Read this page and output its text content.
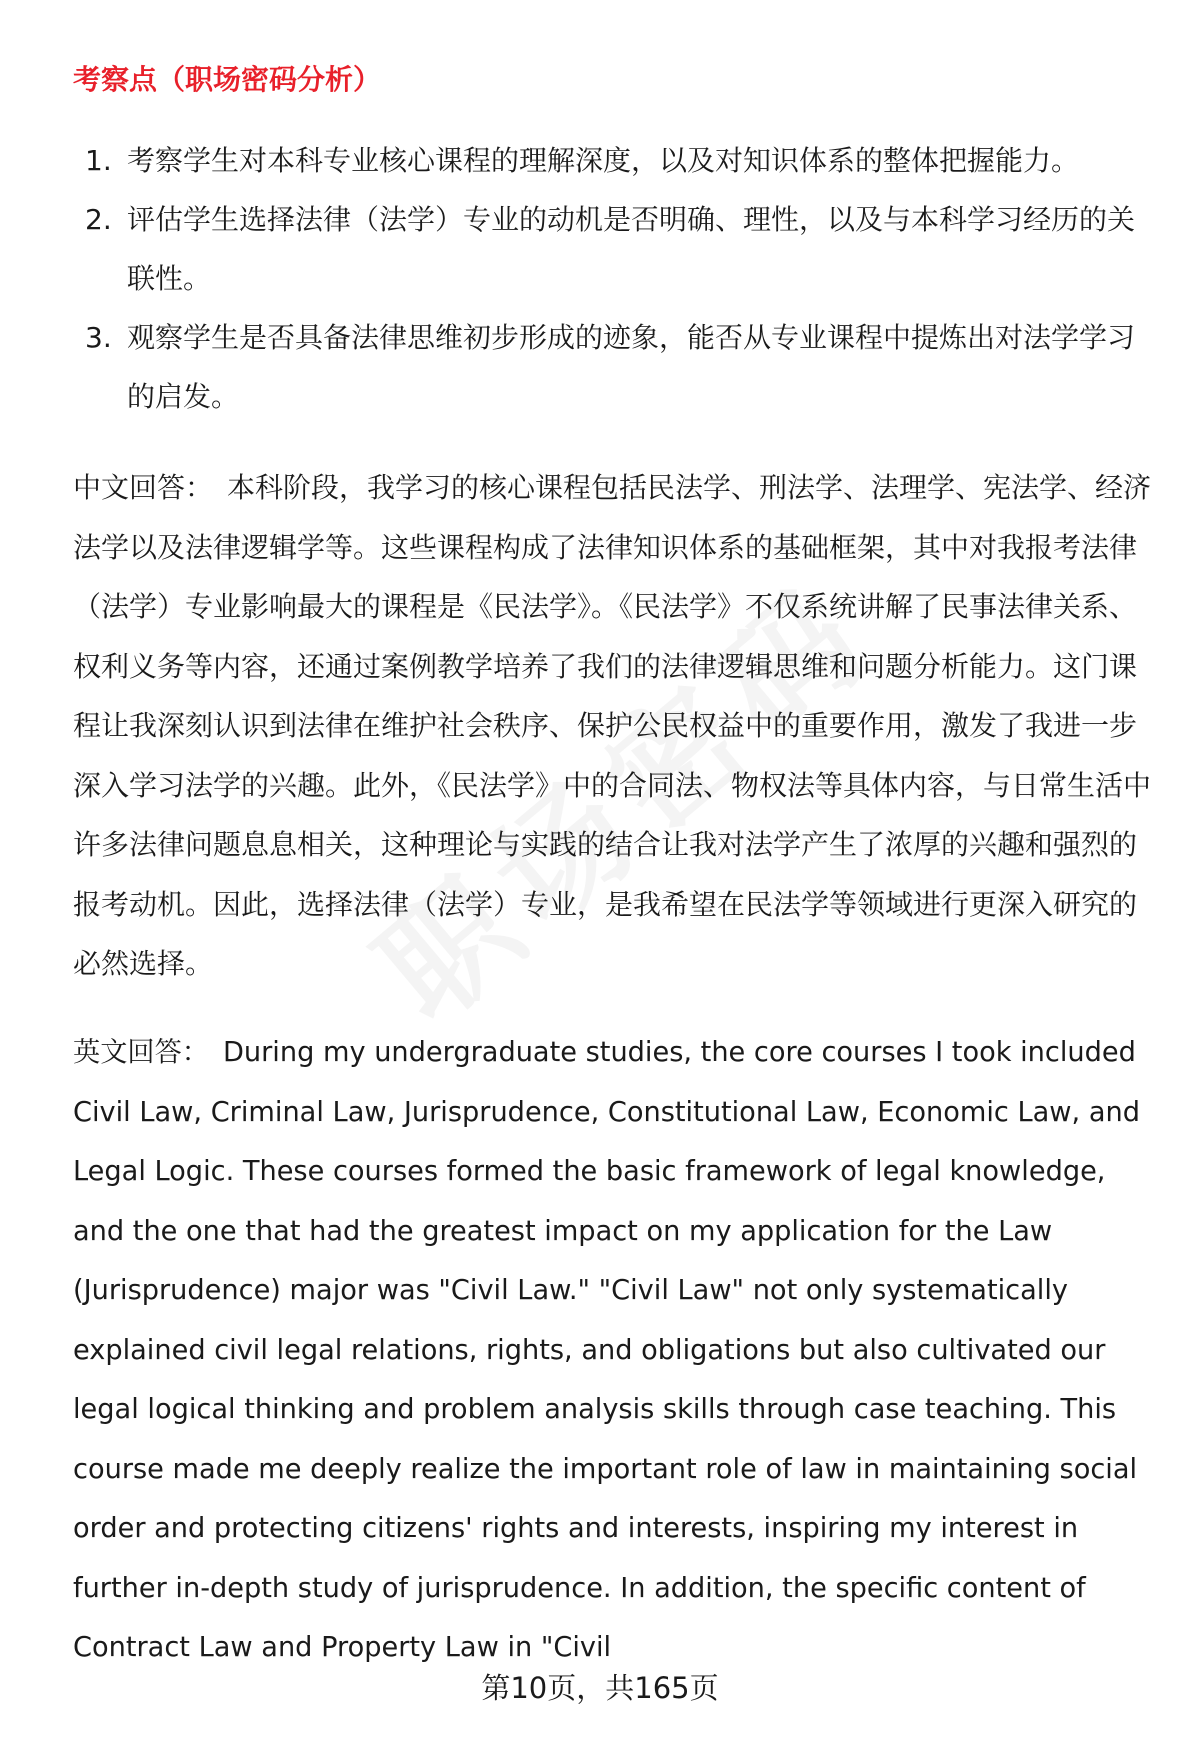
考察点（职场密码分析）
1. 考察学生对本科专业核心课程的理解深度，以及对知识体系的整体把握能力。
2. 评估学生选择法律（法学）专业的动机是否明确、理性，以及与本科学习经历的关联性。
3. 观察学生是否具备法律思维初步形成的迹象，能否从专业课程中提炼出对法学学习的启发。

中文回答： 本科阶段，我学习的核心课程包括民法学、刑法学、法理学、宪法学、经济法学以及法律逻辑学等。这些课程构成了法律知识体系的基础框架，其中对我报考法律（法学）专业影响最大的课程是《民法学》。《民法学》不仅系统讲解了民事法律关系、权利义务等内容，还通过案例教学培养了我们的法律逻辑思维和问题分析能力。这门课程让我深刻认识到法律在维护社会秩序、保护公民权益中的重要作用，激发了我进一步深入学习法学的兴趣。此外，《民法学》中的合同法、物权法等具体内容，与日常生活中许多法律问题息息相关，这种理论与实践的结合让我对法学产生了浓厚的兴趣和强烈的报考动机。因此，选择法律（法学）专业，是我希望在民法学等领域进行更深入研究的必然选择。

英文回答： During my undergraduate studies, the core courses I took included Civil Law, Criminal Law, Jurisprudence, Constitutional Law, Economic Law, and Legal Logic. These courses formed the basic framework of legal knowledge, and the one that had the greatest impact on my application for the Law (Jurisprudence) major was "Civil Law." "Civil Law" not only systematically explained civil legal relations, rights, and obligations but also cultivated our legal logical thinking and problem analysis skills through case teaching. This course made me deeply realize the important role of law in maintaining social order and protecting citizens' rights and interests, inspiring my interest in further in-depth study of jurisprudence. In addition, the specific content of Contract Law and Property Law in "Civil

第10页，共165页
